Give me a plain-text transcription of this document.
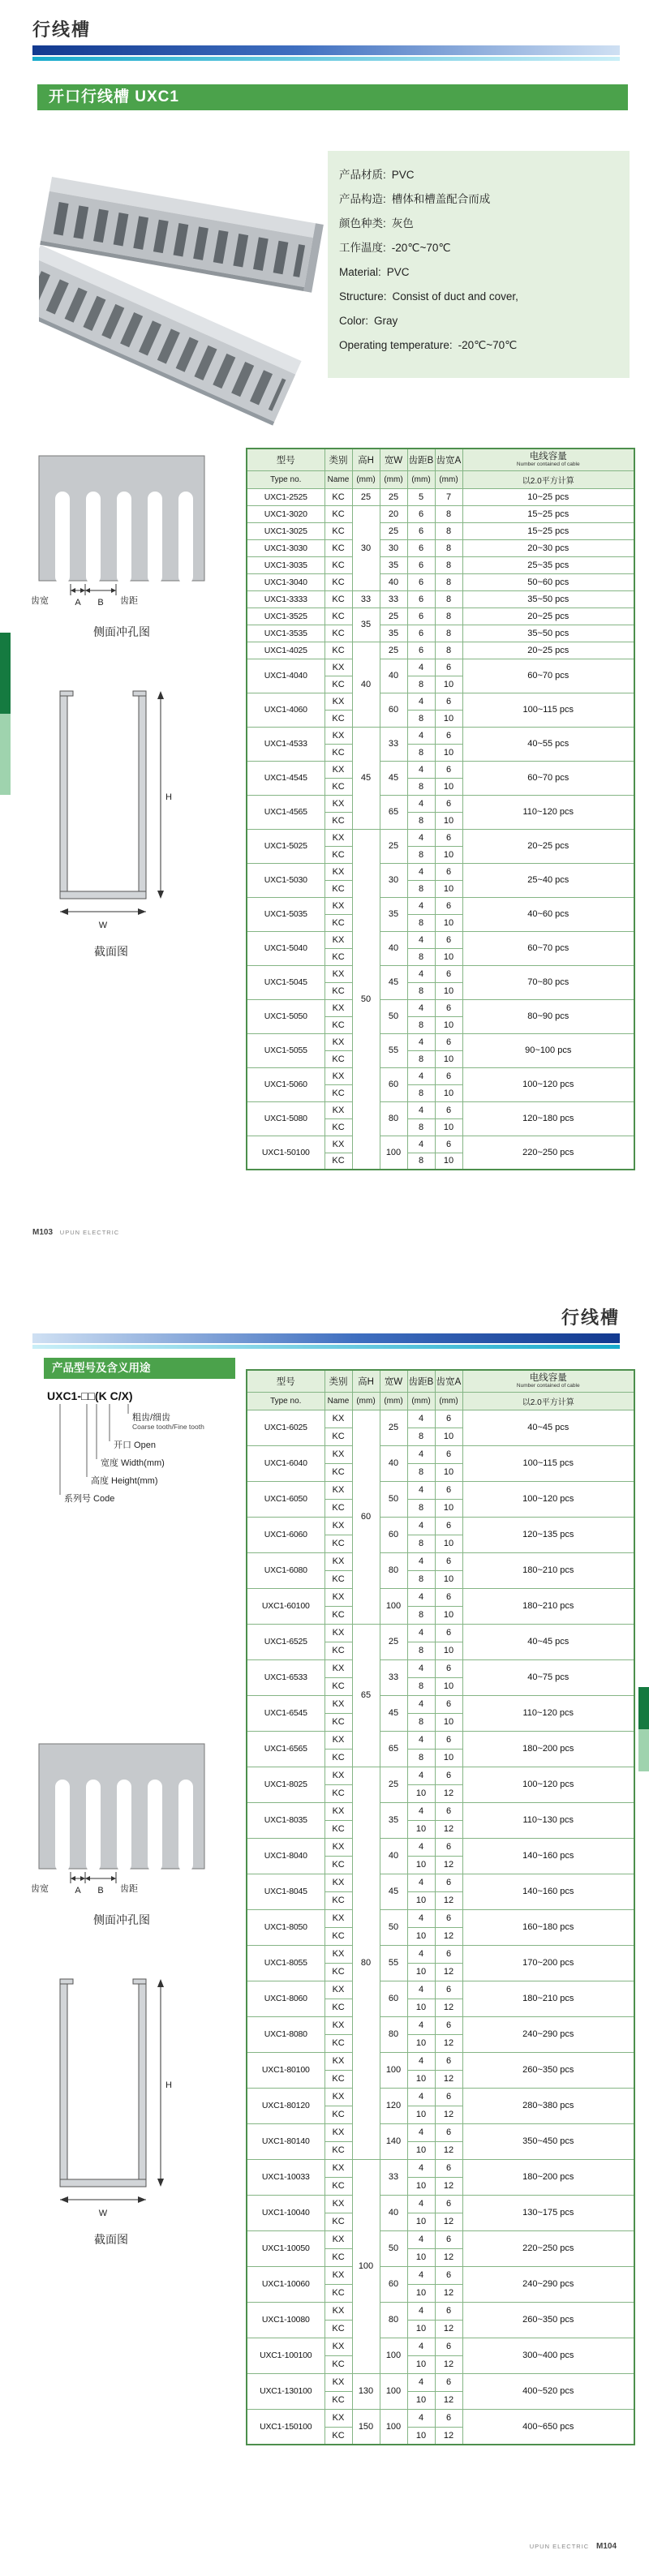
行线槽
开口行线槽 UXC1
产品材质: PVC
产品构造: 槽体和槽盖配合而成
颜色种类: 灰色
工作温度: -20℃~70℃
Material: PVC
Structure: Consist of duct and cover,
Color: Gray
Operating temperature: -20℃~70℃
齿宽	A B 齿距
侧面冲孔图
H
W
截面图
型号	类别	高H	宽W	齿距B	齿宽A	电线容量
Number contained of cable

Type no.	Name	(mm)	(mm)	(mm)	(mm)	以2.0平方计算
UXC1-2525	KC	25	25	5	7	10~25 pcs
UXC1-3020	KC	30	20	6	8	15~25 pcs
UXC1-3025	KC		25	6	8	15~25 pcs
UXC1-3030	KC		30	6	8	20~30 pcs
UXC1-3035	KC		35	6	8	25~35 pcs
UXC1-3040	KC		40	6	8	50~60 pcs
UXC1-3333	KC	33	33	6	8	35~50 pcs
UXC1-3525	KC	35	25	6	8	20~25 pcs
UXC1-3535	KC		35	6	8	35~50 pcs
UXC1-4025	KC	40	25	6	8	20~25 pcs
UXC1-4040	KX		40	4	6	60~70 pcs
	KC			8	10	
UXC1-4060	KX		60	4	6	100~115 pcs
	KC			8	10	
UXC1-4533	KX	45	33	4	6	40~55 pcs
	KC			8	10	
UXC1-4545	KX		45	4	6	60~70 pcs
	KC			8	10	
UXC1-4565	KX		65	4	6	110~120 pcs
	KC			8	10	
UXC1-5025	KX	50	25	4	6	20~25 pcs
	KC			8	10	
UXC1-5030	KX		30	4	6	25~40 pcs
	KC			8	10	
UXC1-5035	KX		35	4	6	40~60 pcs
	KC			8	10	
UXC1-5040	KX		40	4	6	60~70 pcs
	KC			8	10	
UXC1-5045	KX		45	4	6	70~80 pcs
	KC			8	10	
UXC1-5050	KX		50	4	6	80~90 pcs
	KC			8	10	
UXC1-5055	KX		55	4	6	90~100 pcs
	KC			8	10	
UXC1-5060	KX		60	4	6	100~120 pcs
	KC			8	10	
UXC1-5080	KX		80	4	6	120~180 pcs
	KC			8	10	
UXC1-50100	KX		100	4	6	220~250 pcs
	KC			8	10	
M103 UPUN ELECTRIC
行线槽
产品型号及含义用途
UXC1-□□(K C/X)
粗齿/细齿
Coarse tooth/Fine tooth
开口 Open
宽度 Width(mm)
高度 Height(mm)
系列号 Code
齿宽	A B 齿距
侧面冲孔图
H
W
截面图
型号	类别	高H	宽W	齿距B	齿宽A	电线容量
Number contained of cable

Type no.	Name	(mm)	(mm)	(mm)	(mm)	以2.0平方计算
UXC1-6025	KX	60	25	4	6	40~45 pcs
	KC			8	10	
UXC1-6040	KX		40	4	6	100~115 pcs
	KC			8	10	
UXC1-6050	KX		50	4	6	100~120 pcs
	KC			8	10	
UXC1-6060	KX		60	4	6	120~135 pcs
	KC			8	10	
UXC1-6080	KX		80	4	6	180~210 pcs
	KC			8	10	
UXC1-60100	KX		100	4	6	180~210 pcs
	KC			8	10	
UXC1-6525	KX	65	25	4	6	40~45 pcs
	KC			8	10	
UXC1-6533	KX		33	4	6	40~75 pcs
	KC			8	10	
UXC1-6545	KX		45	4	6	110~120 pcs
	KC			8	10	
UXC1-6565	KX		65	4	6	180~200 pcs
	KC			8	10	
UXC1-8025	KX	80	25	4	6	100~120 pcs
	KC			10	12	
UXC1-8035	KX		35	4	6	110~130 pcs
	KC			10	12	
UXC1-8040	KX		40	4	6	140~160 pcs
	KC			10	12	
UXC1-8045	KX		45	4	6	140~160 pcs
	KC			10	12	
UXC1-8050	KX		50	4	6	160~180 pcs
	KC			10	12	
UXC1-8055	KX		55	4	6	170~200 pcs
	KC			10	12	
UXC1-8060	KX		60	4	6	180~210 pcs
	KC			10	12	
UXC1-8080	KX		80	4	6	240~290 pcs
	KC			10	12	
UXC1-80100	KX		100	4	6	260~350 pcs
	KC			10	12	
UXC1-80120	KX		120	4	6	280~380 pcs
	KC			10	12	
UXC1-80140	KX		140	4	6	350~450 pcs
	KC			10	12	
UXC1-10033	KX	100	33	4	6	180~200 pcs
	KC			10	12	
UXC1-10040	KX		40	4	6	130~175 pcs
	KC			10	12	
UXC1-10050	KX		50	4	6	220~250 pcs
	KC			10	12	
UXC1-10060	KX		60	4	6	240~290 pcs
	KC			10	12	
UXC1-10080	KX		80	4	6	260~350 pcs
	KC			10	12	
UXC1-100100	KX		100	4	6	300~400 pcs
	KC			10	12	
UXC1-130100	KX	130	100	4	6	400~520 pcs
	KC			10	12	
UXC1-150100	KX	150	100	4	6	400~650 pcs
	KC			10	12	
UPUN ELECTRIC M104
